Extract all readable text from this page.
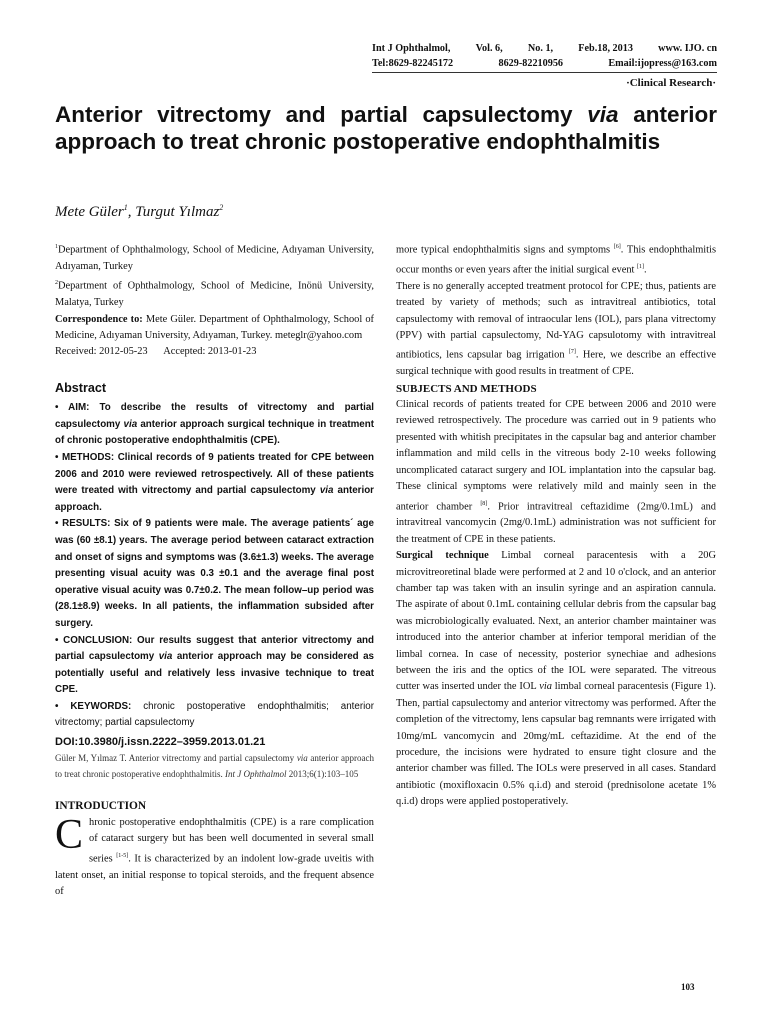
Int J Ophthalmol, Vol. 6, No. 1, Feb.18, 2013 www. IJO. cn
Tel:8629-82245172	8629-82210956	Email:ijopress@163.com
·Clinical Research·
Anterior vitrectomy and partial capsulectomy via anterior approach to treat chronic postoperative endophthalmitis
Mete Güler$^1$, Turgut Yılmaz$^2$

$^1$Department of Ophthalmology, School of Medicine, Adıyaman University, Adıyaman, Turkey

$^2$Department of Ophthalmology, School of Medicine, Inönü University, Malatya, Turkey

Correspondence to: Mete Güler. Department of Ophthalmology, School of Medicine, Adıyaman University, Adıyaman, Turkey. meteglr@yahoo.com

Received: 2012-05-23 Accepted: 2013-01-23

Abstract

• AIM: To describe the results of vitrectomy and partial capsulectomy via anterior approach surgical technique in treatment of chronic postoperative endophthalmitis (CPE).

• METHODS: Clinical records of 9 patients treated for CPE between 2006 and 2010 were reviewed retrospectively. All of these patients were treated with vitrectomy and partial capsulectomy via anterior approach.

• RESULTS: Six of 9 patients were male. The average patients´ age was (60 ±8.1) years. The average period between cataract extraction and onset of signs and symptoms was (3.6±1.3) weeks. The average presenting visual acuity was 0.3 ±0.1 and the average final post operative visual acuity was 0.7±0.2. The mean follow–up period was (28.1±8.9) weeks. In all patients, the inflammation subsided after surgery.

• CONCLUSION: Our results suggest that anterior vitrectomy and partial capsulectomy via anterior approach may be considered as potentially useful and relatively less invasive technique to treat CPE.

• KEYWORDS: chronic postoperative endophthalmitis; anterior vitrectomy; partial capsulectomy

DOI:10.3980/j.issn.2222–3959.2013.01.21

Güler M, Yılmaz T. Anterior vitrectomy and partial capsulectomy via anterior approach to treat chronic postoperative endophthalmitis. Int J Ophthalmol 2013;6(1):103–105

INTRODUCTION

Chronic postoperative endophthalmitis (CPE) is a rare complication of cataract surgery but has been well documented in several small series [1-5]. It is characterized by an indolent low-grade uveitis with latent onset, an initial response to topical steroids, and the frequent absence of

more typical endophthalmitis signs and symptoms [6]. This endophthalmitis occur months or even years after the initial surgical event [1].

There is no generally accepted treatment protocol for CPE; thus, patients are treated by variety of methods; such as intravitreal antibiotics, total capsulectomy with removal of intraocular lens (IOL), pars plana vitrectomy (PPV) with partial capsulectomy, Nd-YAG capsulotomy with intravitreal antibiotics, lens capsular bag irrigation [7]. Here, we describe an effective surgical technique with good results in treatment of CPE.

SUBJECTS AND METHODS

Clinical records of patients treated for CPE between 2006 and 2010 were reviewed retrospectively. The procedure was carried out in 9 patients who presented with whitish precipitates in the capsular bag and anterior chamber inflammation and mild cells in the vitreous body 2-10 weeks following uncomplicated cataract surgery and IOL implantation into the capsular bag. These clinical symptoms were relatively mild and mainly seen in the anterior chamber [8]. Prior intravitreal ceftazidime (2mg/0.1mL) and intravitreal vancomycin (2mg/0.1mL) administration was not sufficient for the treatment of CPE in these patients.

Surgical technique Limbal corneal paracentesis with a 20G microvitreoretinal blade were performed at 2 and 10 o'clock, and an anterior chamber tap was taken with an insulin syringe and an aspiration cannula. The aspirate of about 0.1mL containing cellular debris from the capsular bag was microbiologically evaluated. Next, an anterior chamber maintainer was introduced into the anterior chamber at inferior temporal meridian of the limbal cornea. In case of necessity, posterior synechiae and adhesions between the iris and the optics of the IOL were separated. The vitreous cutter was inserted under the IOL via limbal corneal paracentesis (Figure 1). Then, partial capsulectomy and anterior vitrectomy was performed. After the completion of the vitrectomy, lens capsular bag remnants were irrigated with 10mg/mL vancomycin and 20mg/mL ceftazidime. At the end of the procedure, the incisions were hydrated to ensure tight closure and the anterior chamber was filled. The IOLs were preserved in all cases. Standard antibiotic (moxifloxacin 0.5% q.i.d) and steroid (prednisolone acetate 1% q.i.d) drops were applied postoperatively.

103
